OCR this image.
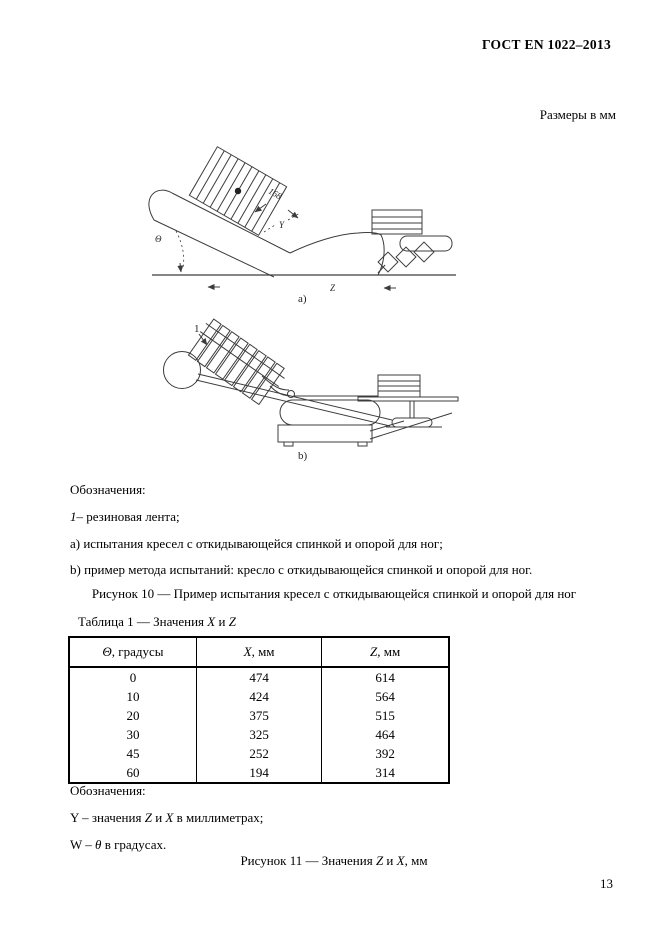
ГОСТ EN 1022–2013
Размеры в мм
168
Y
Θ
Z
a)
1
b)
Обозначения:
1– резиновая лента;
a) испытания кресел с откидывающейся спинкой и опорой для ног;
b) пример метода испытаний: кресло с откидывающейся спинкой и опорой для ног.
Рисунок 10 — Пример испытания кресел с откидывающейся спинкой и опорой для ног
Таблица 1 — Значения X и Z
Θ, градусы	X, мм	Z, мм
0	474	614
10	424	564
20	375	515
30	325	464
45	252	392
60	194	314
Обозначения:
Y – значения Z и X в миллиметрах;
W – θ в градусах.
Рисунок 11 — Значения Z и X, мм
13
